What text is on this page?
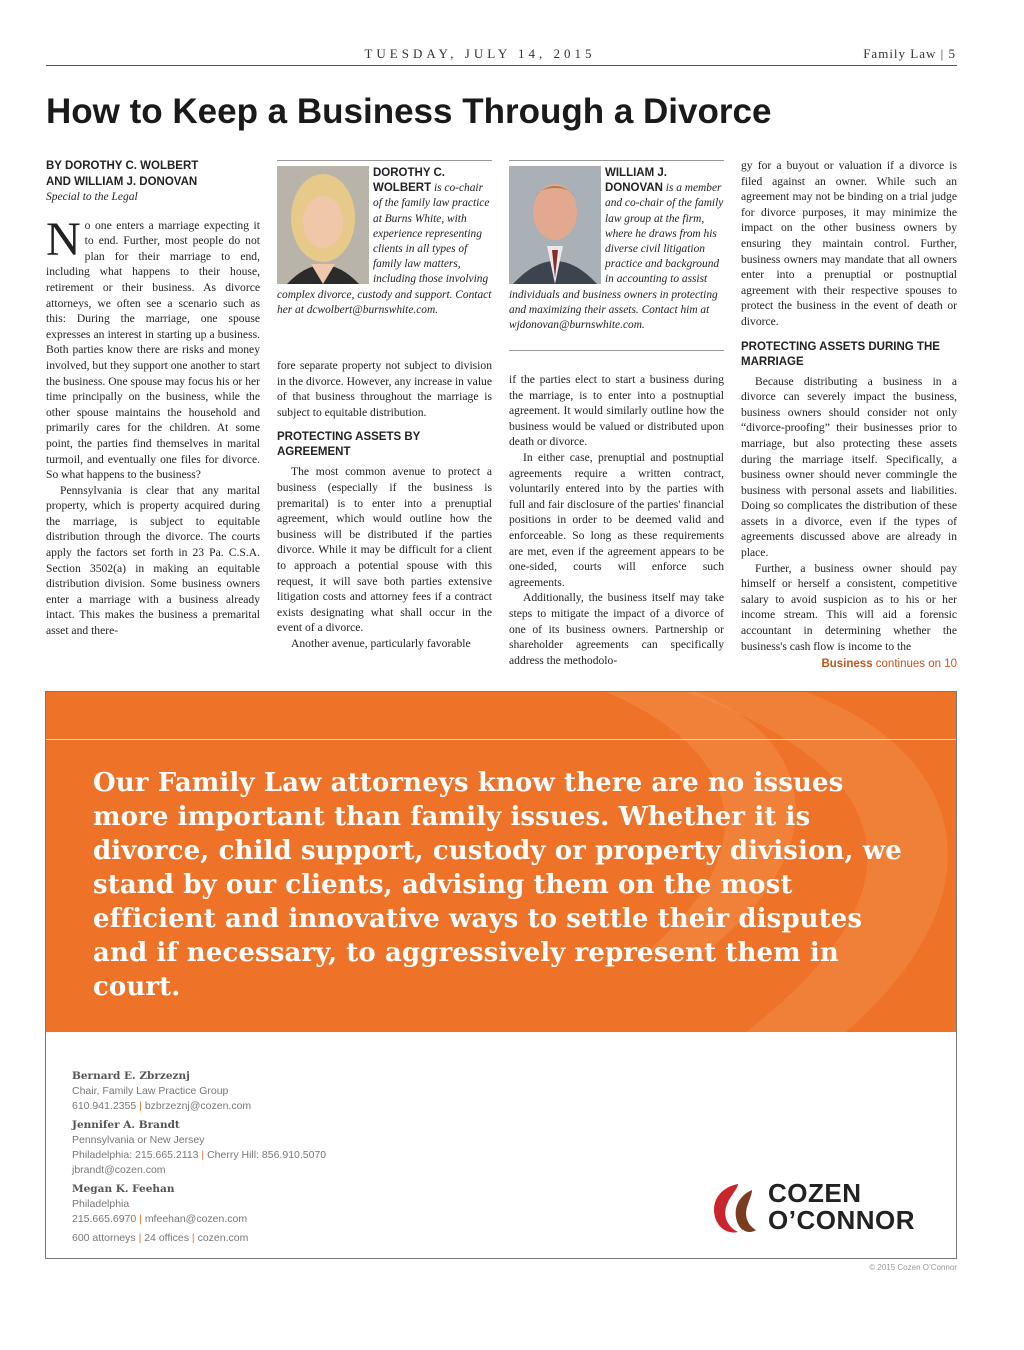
TUESDAY, JULY 14, 2015	Family Law | 5
How to Keep a Business Through a Divorce
BY DOROTHY C. WOLBERT
AND WILLIAM J. DONOVAN
Special to the Legal

No one enters a marriage expecting it to end. Further, most people do not plan for their marriage to end, including what happens to their house, retirement or their business. As divorce attorneys, we often see a scenario such as this: During the marriage, one spouse expresses an interest in starting up a business. Both parties know there are risks and money involved, but they support one another to start the business. One spouse may focus his or her time principally on the business, while the other spouse maintains the household and primarily cares for the children. At some point, the parties find themselves in marital turmoil, and eventually one files for divorce. So what happens to the business?

Pennsylvania is clear that any marital property, which is property acquired during the marriage, is subject to equitable distribution through the divorce. The courts apply the factors set forth in 23 Pa. C.S.A. Section 3502(a) in making an equitable distribution division. Some business owners enter a marriage with a business already intact. This makes the business a premarital asset and there-

DOROTHY C. WOLBERT is co-chair of the family law practice at Burns White, with experience representing clients in all types of family law matters, including those involving complex divorce, custody and support. Contact her at dcwolbert@burnswhite.com.
WILLIAM J. DONOVAN is a member and co-chair of the family law group at the firm, where he draws from his diverse civil litigation practice and background in accounting to assist individuals and business owners in protecting and maximizing their assets. Contact him at wjdonovan@burnswhite.com.

fore separate property not subject to division in the divorce. However, any increase in value of that business throughout the marriage is subject to equitable distribution.

PROTECTING ASSETS BY AGREEMENT

The most common avenue to protect a business (especially if the business is premarital) is to enter into a prenuptial agreement, which would outline how the business will be distributed if the parties divorce. While it may be difficult for a client to approach a potential spouse with this request, it will save both parties extensive litigation costs and attorney fees if a contract exists designating what shall occur in the event of a divorce.

Another avenue, particularly favorable

if the parties elect to start a business during the marriage, is to enter into a postnuptial agreement. It would similarly outline how the business would be valued or distributed upon death or divorce.

In either case, prenuptial and postnuptial agreements require a written contract, voluntarily entered into by the parties with full and fair disclosure of the parties' financial positions in order to be deemed valid and enforceable. So long as these requirements are met, even if the agreement appears to be one-sided, courts will enforce such agreements.

Additionally, the business itself may take steps to mitigate the impact of a divorce of one of its business owners. Partnership or shareholder agreements can specifically address the methodolo-

gy for a buyout or valuation if a divorce is filed against an owner. While such an agreement may not be binding on a trial judge for divorce purposes, it may minimize the impact on the other business owners by ensuring they maintain control. Further, business owners may mandate that all owners enter into a prenuptial or postnuptial agreement with their respective spouses to protect the business in the event of death or divorce.

PROTECTING ASSETS DURING THE MARRIAGE

Because distributing a business in a divorce can severely impact the business, business owners should consider not only “divorce-proofing” their businesses prior to marriage, but also protecting these assets during the marriage itself. Specifically, a business owner should never commingle the business with personal assets and liabilities. Doing so complicates the distribution of these assets in a divorce, even if the types of agreements discussed above are already in place.

Further, a business owner should pay himself or herself a consistent, competitive salary to avoid suspicion as to his or her income stream. This will aid a forensic accountant in determining whether the business's cash flow is income to the

Business continues on 10
Our Family Law attorneys know there are no issues more important than family issues. Whether it is divorce, child support, custody or property division, we stand by our clients, advising them on the most efficient and innovative ways to settle their disputes and if necessary, to aggressively represent them in court.
Bernard E. Zbrzeznj
Chair, Family Law Practice Group
610.941.2355 | bzbrzeznj@cozen.com
Jennifer A. Brandt
Pennsylvania or New Jersey
Philadelphia: 215.665.2113 | Cherry Hill: 856.910.5070
jbrandt@cozen.com
Megan K. Feehan
Philadelphia
215.665.6970 | mfeehan@cozen.com
600 attorneys | 24 offices | cozen.com
COZEN
O’CONNOR
© 2015 Cozen O’Connor
